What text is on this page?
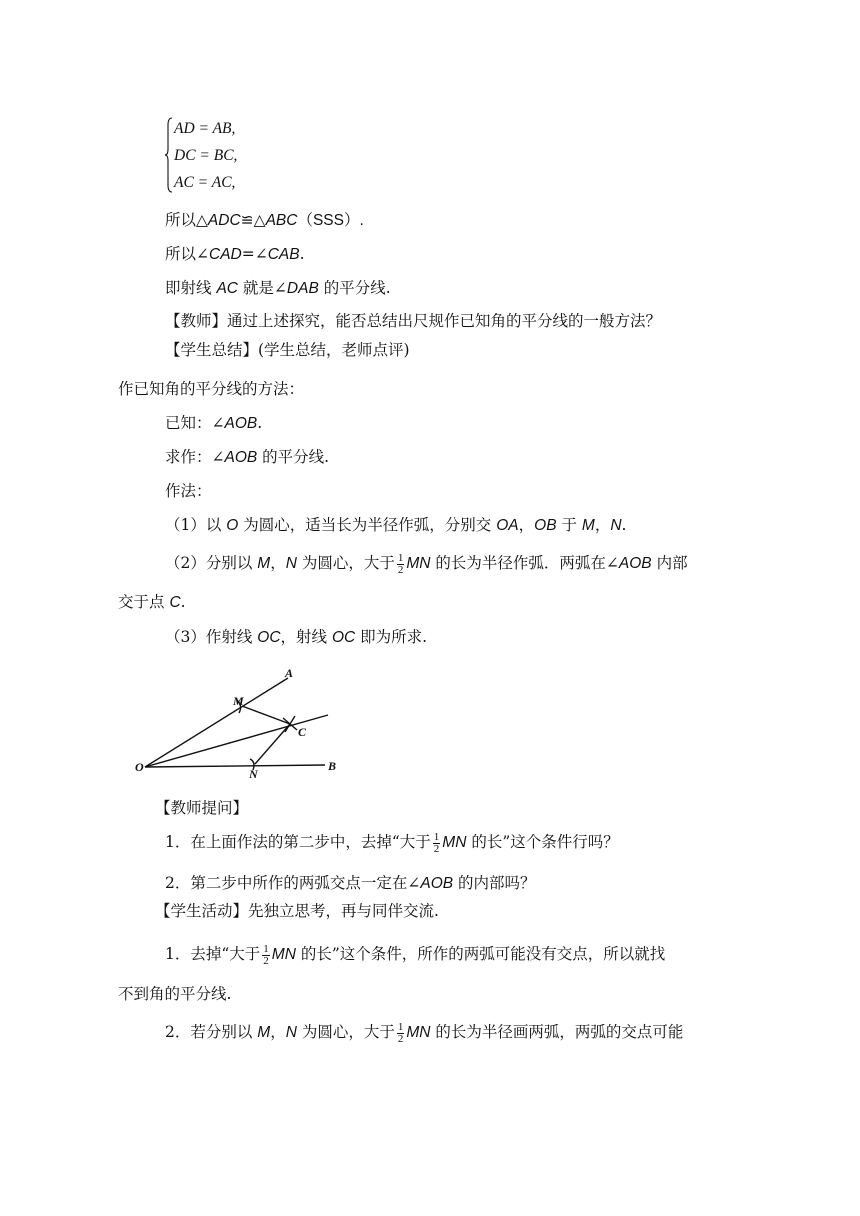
AD = AB,
DC = BC,
AC = AC,
所以△ADC≌△ABC（SSS）.
所以∠CAD=∠CAB.
即射线 AC 就是∠DAB 的平分线.
【教师】通过上述探究，能否总结出尺规作已知角的平分线的一般方法？
【学生总结】(学生总结，老师点评)
作已知角的平分线的方法：
已知：∠AOB.
求作：∠AOB 的平分线.
作法：
（1）以 O 为圆心，适当长为半径作弧，分别交 OA，OB 于 M，N.
（2）分别以 M，N 为圆心，大于 $\frac{1}{2}$ MN 的长为半径作弧．两弧在∠AOB 内部
交于点 C.
（3）作射线 OC，射线 OC 即为所求.
A
M
C
O	N
B
【教师提问】
1．在上面作法的第二步中，去掉“大于 $\frac{1}{2}$ MN 的长”这个条件行吗？
2．第二步中所作的两弧交点一定在∠AOB 的内部吗？
【学生活动】先独立思考，再与同伴交流.
1．去掉“大于 $\frac{1}{2}$ MN 的长”这个条件，所作的两弧可能没有交点，所以就找
不到角的平分线.
2．若分别以 M，N 为圆心，大于 $\frac{1}{2}$ MN 的长为半径画两弧，两弧的交点可能
